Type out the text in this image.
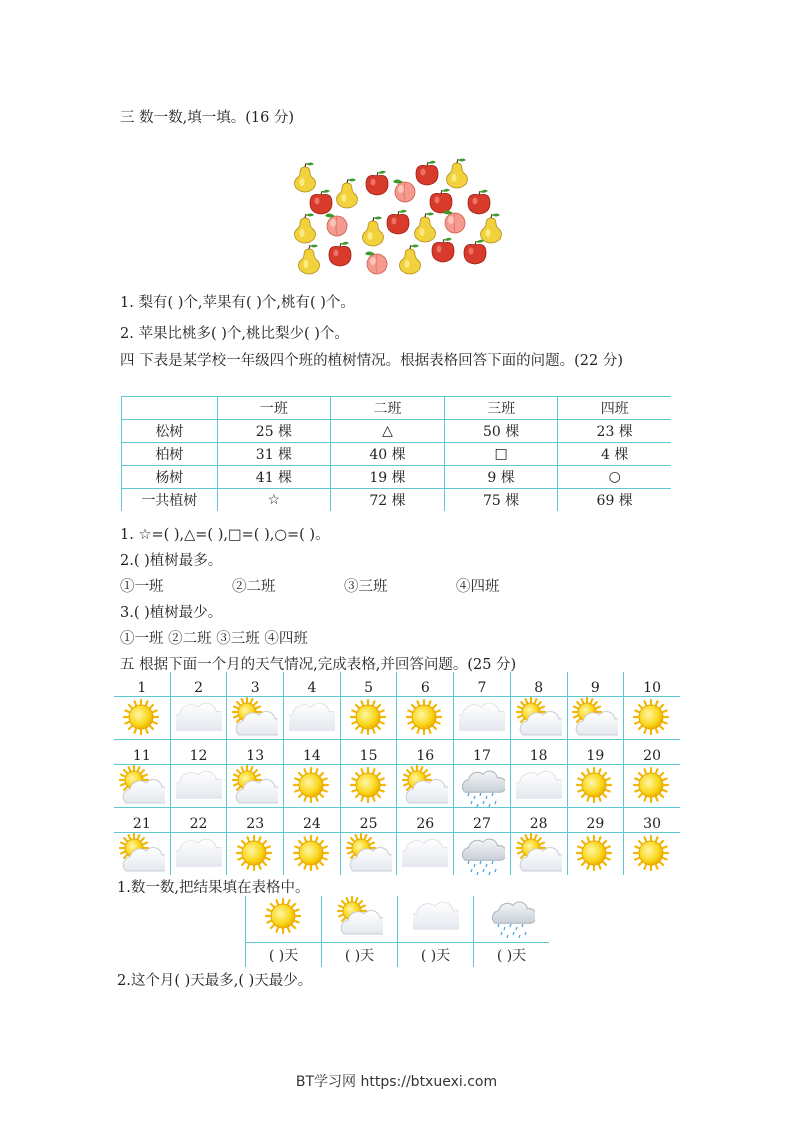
三 数一数,填一填。(16 分)
1. 梨有( )个,苹果有( )个,桃有( )个。
2. 苹果比桃多( )个,桃比梨少( )个。
四 下表是某学校一年级四个班的植树情况。根据表格回答下面的问题。(22 分)
	一班	二班	三班	四班
松树	25 棵	△	50 棵	23 棵
柏树	31 棵	40 棵	□	4 棵
杨树	41 棵	19 棵	9 棵	○
一共植树	☆	72 棵	75 棵	69 棵
1. ☆=( ),△=( ),□=( ),○=( )。
2.( )植树最多。
①一班	②二班	③三班	④四班
3.( )植树最少。
①一班 ②二班 ③三班 ④四班
五 根据下面一个月的天气情况,完成表格,并回答问题。(25 分)
1	2	3	4	5	6	7	8	9	10

11	12	13	14	15	16	17	18	19	20

21	22	23	24	25	26	27	28	29	30

1.数一数,把结果填在表格中。

( )天	( )天	( )天	( )天
2.这个月( )天最多,( )天最少。
BT学习网 https://btxuexi.com
